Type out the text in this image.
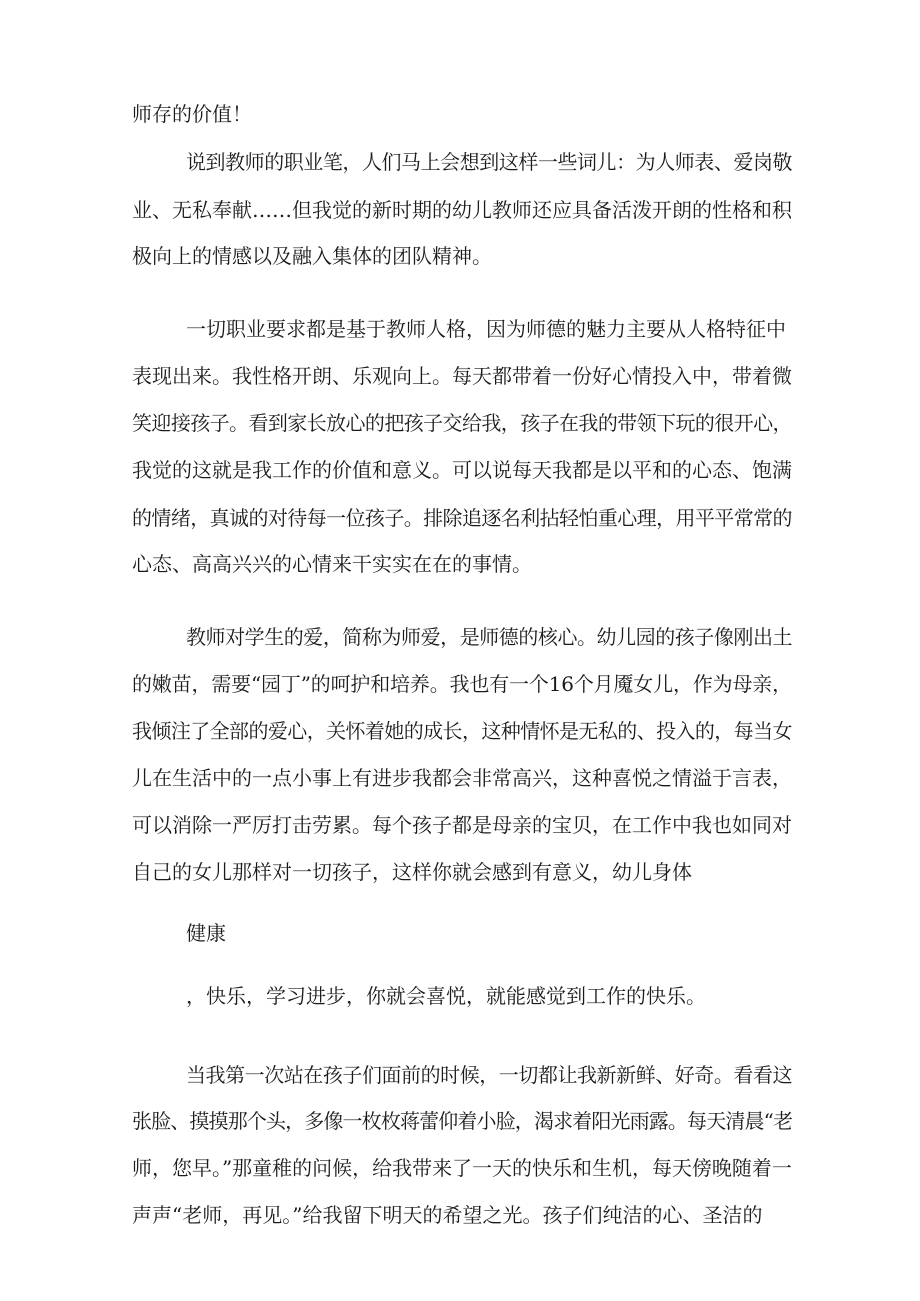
师存的价值！
说到教师的职业笔，人们马上会想到这样一些词儿：为人师表、爱岗敬
业、无私奉献……但我觉的新时期的幼儿教师还应具备活泼开朗的性格和积
极向上的情感以及融入集体的团队精神。
一切职业要求都是基于教师人格，因为师德的魅力主要从人格特征中
表现出来。我性格开朗、乐观向上。每天都带着一份好心情投入中，带着微
笑迎接孩子。看到家长放心的把孩子交给我，孩子在我的带领下玩的很开心，
我觉的这就是我工作的价值和意义。可以说每天我都是以平和的心态、饱满
的情绪，真诚的对待每一位孩子。排除追逐名利拈轻怕重心理，用平平常常的
心态、高高兴兴的心情来干实实在在的事情。
教师对学生的爱，简称为师爱，是师德的核心。幼儿园的孩子像刚出土
的嫩苗，需要“园丁”的呵护和培养。我也有一个16个月魇女儿，作为母亲，
我倾注了全部的爱心，关怀着她的成长，这种情怀是无私的、投入的，每当女
儿在生活中的一点小事上有进步我都会非常高兴，这种喜悦之情溢于言表，
可以消除一严厉打击劳累。每个孩子都是母亲的宝贝，在工作中我也如同对
自己的女儿那样对一切孩子，这样你就会感到有意义，幼儿身体
健康
，快乐，学习进步，你就会喜悦，就能感觉到工作的快乐。
当我第一次站在孩子们面前的时候，一切都让我新新鲜、好奇。看看这
张脸、摸摸那个头，多像一枚枚蒋蕾仰着小脸，渴求着阳光雨露。每天清晨“老
师，您早。”那童稚的问候，给我带来了一天的快乐和生机，每天傍晚随着一
声声“老师，再见。”给我留下明天的希望之光。孩子们纯洁的心、圣洁的
